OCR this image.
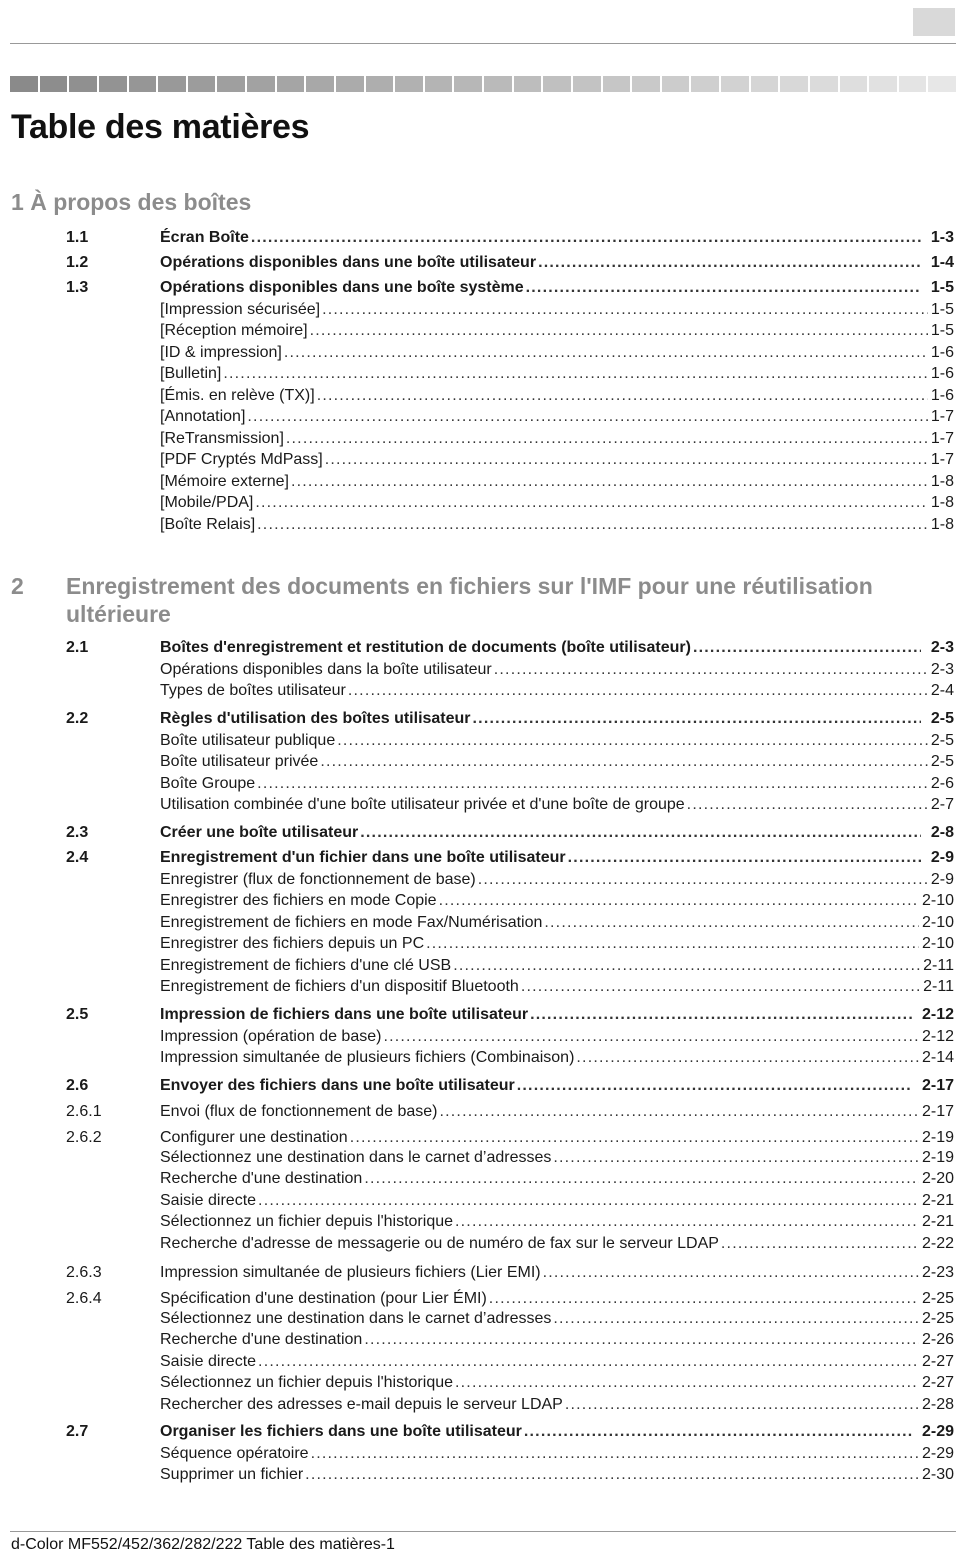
Table des matières
1 À propos des boîtes
2	Enregistrement des documents en fichiers sur l'IMF pour une réutilisation ultérieure
1.1	Écran Boîte .....	1-3
1.2	Opérations disponibles dans une boîte utilisateur .....	1-4
1.3	Opérations disponibles dans une boîte système .....	1-5
[Impression sécurisée] .....	1-5
[Réception mémoire] .....	1-5
[ID & impression] .....	1-6
[Bulletin] .....	1-6
[Émis. en relève (TX)] .....	1-6
[Annotation] .....	1-7
[ReTransmission] .....	1-7
[PDF Cryptés MdPass] .....	1-7
[Mémoire externe] .....	1-8
[Mobile/PDA] .....	1-8
[Boîte Relais] .....	1-8
2.1	Boîtes d'enregistrement et restitution de documents (boîte utilisateur) .....	2-3
Opérations disponibles dans la boîte utilisateur .....	2-3
Types de boîtes utilisateur .....	2-4
2.2	Règles d'utilisation des boîtes utilisateur .....	2-5
Boîte utilisateur publique .....	2-5
Boîte utilisateur privée .....	2-5
Boîte Groupe .....	2-6
Utilisation combinée d'une boîte utilisateur privée et d'une boîte de groupe .....	2-7
2.3	Créer une boîte utilisateur .....	2-8
2.4	Enregistrement d'un fichier dans une boîte utilisateur .....	2-9
Enregistrer (flux de fonctionnement de base) .....	2-9
Enregistrer des fichiers en mode Copie .....	2-10
Enregistrement de fichiers en mode Fax/Numérisation .....	2-10
Enregistrer des fichiers depuis un PC .....	2-10
Enregistrement de fichiers d'une clé USB .....	2-11
Enregistrement de fichiers d'un dispositif Bluetooth .....	2-11
2.5	Impression de fichiers dans une boîte utilisateur .....	2-12
Impression (opération de base) .....	2-12
Impression simultanée de plusieurs fichiers (Combinaison) .....	2-14
2.6	Envoyer des fichiers dans une boîte utilisateur .....	2-17
2.6.1	Envoi (flux de fonctionnement de base) .....	2-17
2.6.2	Configurer une destination .....	2-19
Sélectionnez une destination dans le carnet d’adresses .....	2-19
Recherche d'une destination .....	2-20
Saisie directe .....	2-21
Sélectionnez un fichier depuis l'historique .....	2-21
Recherche d'adresse de messagerie ou de numéro de fax sur le serveur LDAP .....	2-22
2.6.3	Impression simultanée de plusieurs fichiers (Lier EMI) .....	2-23
2.6.4	Spécification d'une destination (pour Lier ÉMI) .....	2-25
Sélectionnez une destination dans le carnet d’adresses .....	2-25
Recherche d'une destination .....	2-26
Saisie directe .....	2-27
Sélectionnez un fichier depuis l'historique .....	2-27
Rechercher des adresses e-mail depuis le serveur LDAP .....	2-28
2.7	Organiser les fichiers dans une boîte utilisateur .....	2-29
Séquence opératoire .....	2-29
Supprimer un fichier .....	2-30
d-Color MF552/452/362/282/222 Table des matières-1
